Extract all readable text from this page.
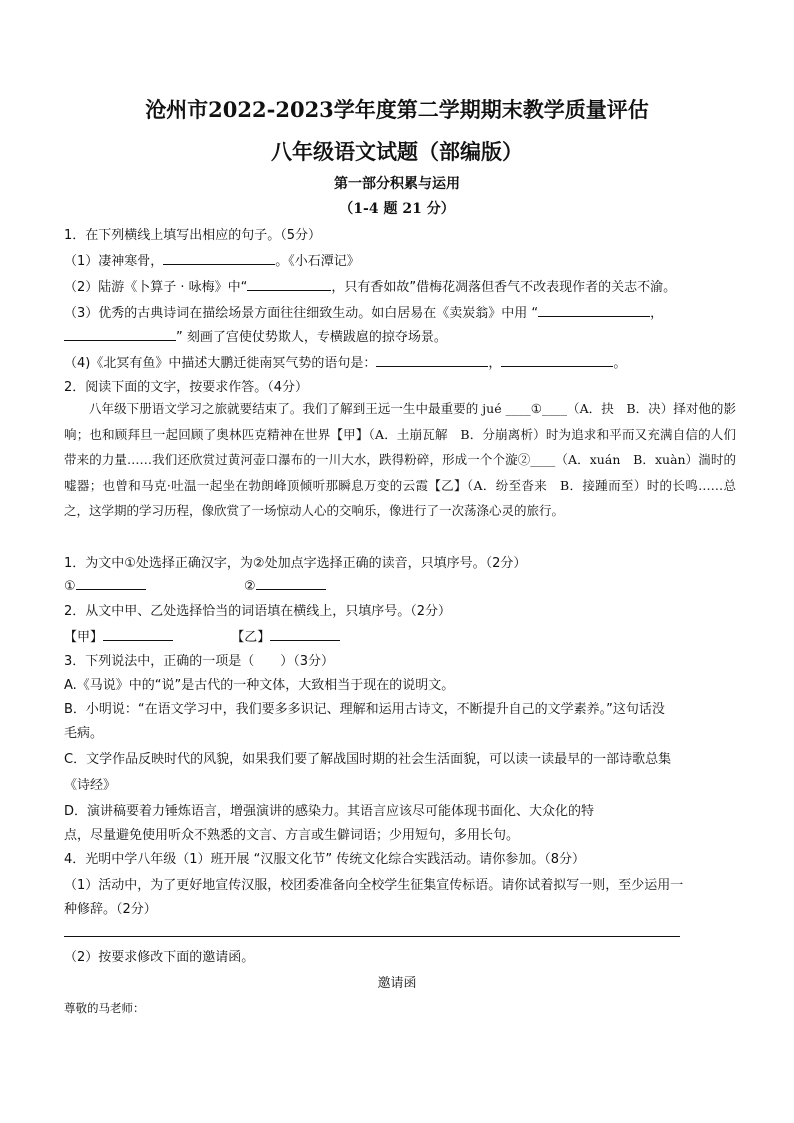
沧州市2022-2023学年度第二学期期末教学质量评估
八年级语文试题（部编版）
第一部分积累与运用
（1-4 题 21 分）
1．在下列横线上填写出相应的句子。（5分）
（1）凄神寒骨，	。《小石潭记》
（2）陆游《卜算子 · 咏梅》中“	，只有香如故”借梅花凋落但香气不改表现作者的关志不渝。
（3）优秀的古典诗词在描绘场景方面往往细致生动。如白居易在《卖炭翁》中用 “	，
” 刻画了宫使仗势欺人，专横跋扈的掠夺场景。
（4)《北冥有鱼》中描述大鹏迁徙南冥气势的语句是：	，	。
2．阅读下面的文字，按要求作答。（4分）
八年级下册语文学习之旅就要结束了。我们了解到王远一生中最重要的 jué ____①____（A．抉　B．决）择对他的影响；也和顾拜旦一起回顾了奥林匹克精神在世界【甲】（A．土崩瓦解　B．分崩离析）时为追求和平而又充满自信的人们带来的力量……我们还欣赏过黄河壶口瀑布的一川大水，跌得粉碎，形成一个个漩②____（A．xuán　B．xuàn）湍时的嘘器；也曾和马克·吐温一起坐在勃朗峰顶倾听那瞬息万变的云霞【乙】（A．纷至沓来　B．接踵而至）时的长鸣……总之，这学期的学习历程，像欣赏了一场惊动人心的交响乐，像进行了一次荡涤心灵的旅行。
1．为文中①处选择正确汉字，为②处加点字选择正确的读音，只填序号。（2分）
①	②
2．从文中甲、乙处选择恰当的词语填在横线上，只填序号。（2分）
【甲】	【乙】
3．下列说法中，正确的一项是（　　）（3分）
A.《马说》中的“说”是古代的一种文体，大致相当于现在的说明文。
B．小明说：“在语文学习中，我们要多多识记、理解和运用古诗文，不断提升自己的文学素养。”这句话没
毛病。
C．文学作品反映时代的风貌，如果我们要了解战国时期的社会生活面貌，可以读一读最早的一部诗歌总集
《诗经》
D．演讲稿要着力锤炼语言，增强演讲的感染力。其语言应该尽可能体现书面化、大众化的特
点，尽量避免使用听众不熟悉的文言、方言或生僻词语；少用短句，多用长句。
4．光明中学八年级（1）班开展 “汉服文化节” 传统文化综合实践活动。请你参加。（8分）
（1）活动中，为了更好地宣传汉服，校团委准备向全校学生征集宣传标语。请你试着拟写一则，至少运用一
种修辞。（2分）
（2）按要求修改下面的邀请函。
邀请函
尊敬的马老师：
